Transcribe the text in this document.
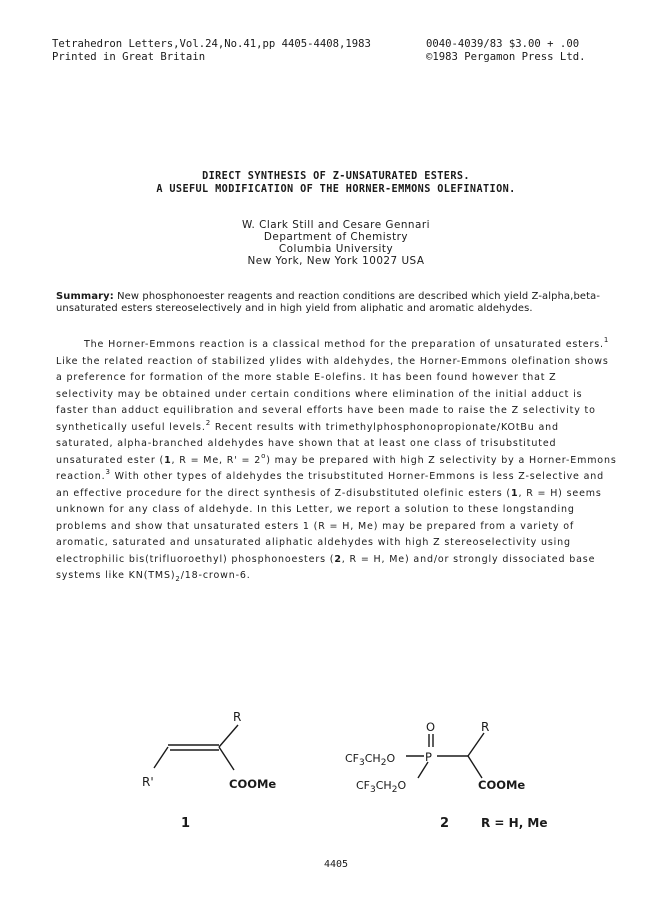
Tetrahedron Letters,Vol.24,No.41,pp 4405-4408,1983
Printed in Great Britain
0040-4039/83 $3.00 + .00
©1983 Pergamon Press Ltd.
DIRECT SYNTHESIS OF Z-UNSATURATED ESTERS.
A USEFUL MODIFICATION OF THE HORNER-EMMONS OLEFINATION.
W. Clark Still and Cesare Gennari
Department of Chemistry
Columbia University
New York, New York 10027 USA
Summary: New phosphonoester reagents and reaction conditions are described which yield Z-alpha,beta-unsaturated esters stereoselectively and in high yield from aliphatic and aromatic aldehydes.

The Horner-Emmons reaction is a classical method for the preparation of unsaturated esters.$^1$ Like the related reaction of stabilized ylides with aldehydes, the Horner-Emmons olefination shows a preference for formation of the more stable E-olefins. It has been found however that Z selectivity may be obtained under certain conditions where elimination of the initial adduct is faster than adduct equilibration and several efforts have been made to raise the Z selectivity to synthetically useful levels.$^2$ Recent results with trimethylphosphonopropionate/KOtBu and saturated, alpha-branched aldehydes have shown that at least one class of trisubstituted unsaturated ester (1, R = Me, $R' = 2^o$) may be prepared with high Z selectivity by a Horner-Emmons reaction.$^3$ With other types of aldehydes the trisubstituted Horner-Emmons is less Z-selective and an effective procedure for the direct synthesis of Z-disubstituted olefinic esters (1, R = H) seems unknown for any class of aldehyde. In this Letter, we report a solution to these longstanding problems and show that unsaturated esters 1 (R = H, Me) may be prepared from a variety of aromatic, saturated and unsaturated aliphatic aldehydes with high Z stereoselectivity using electrophilic bis(trifluoroethyl) phosphonoesters (2, R = H, Me) and/or strongly dissociated base systems like $KN(TMS)_2/18-crown-6$.

R
R'	COOMe
1
R
O
P
$CF_3CH_2O$
$CF_3CH_2O$	COOMe
2	R = H, Me
4405
